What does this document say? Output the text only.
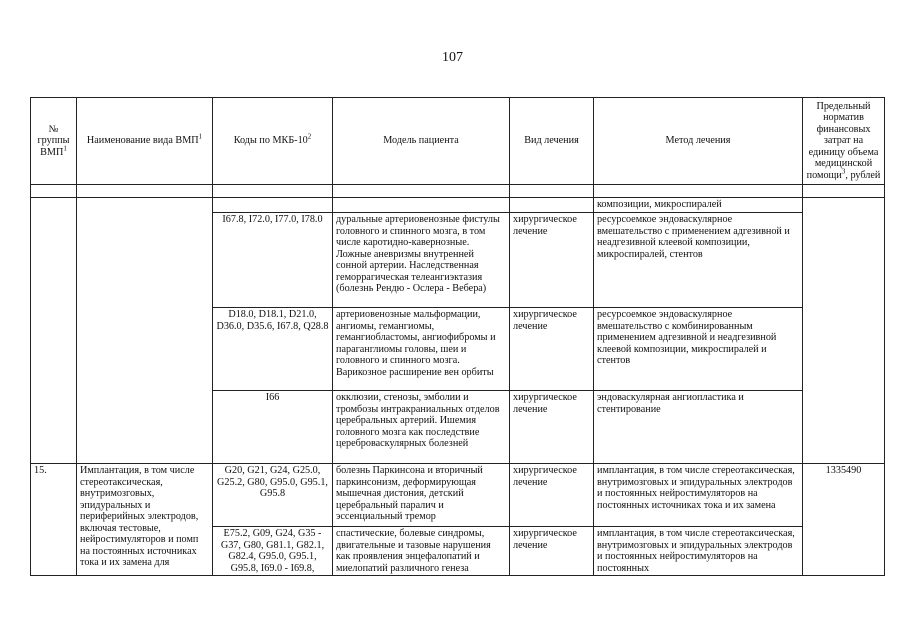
107
№ группы ВМП$^1$	Наименование вида ВМП$^1$	Коды по МКБ-$10^2$	Модель пациента	Вид лечения	Метод лечения	Предельный норматив финансовых затрат на единицу объема медицинской помощи$^3$, рублей

					композиции, микроспиралей	
		I67.8, I72.0, I77.0, I78.0	дуральные артериовенозные фистулы головного и спинного мозга, в том числе каротидно-кавернозные. Ложные аневризмы внутренней сонной артерии. Наследственная геморрагическая телеангиэктазия (болезнь Рендю - Ослера - Вебера)	хирургическое лечение	ресурсоемкое эндоваскулярное вмешательство с применением адгезивной и неадгезивной клеевой композиции, микроспиралей, стентов	
		D18.0, D18.1, D21.0, D36.0, D35.6, I67.8, Q28.8	артериовенозные мальформации, ангиомы, гемангиомы, гемангиобластомы, ангиофибромы и параганглиомы головы, шеи и головного и спинного мозга. Варикозное расширение вен орбиты	хирургическое лечение	ресурсоемкое эндоваскулярное вмешательство с комбинированным применением адгезивной и неадгезивной клеевой композиции, микроспиралей и стентов	
		I66	окклюзии, стенозы, эмболии и тромбозы интракраниальных отделов церебральных артерий. Ишемия головного мозга как последствие цереброваскулярных болезней	хирургическое лечение	эндоваскулярная ангиопластика и стентирование	
15.	Имплантация, в том числе стереотаксическая, внутримозговых, эпидуральных и периферийных электродов, включая тестовые, нейростимуляторов и помп на постоянных источниках тока и их замена для	G20, G21, G24, G25.0, G25.2, G80, G95.0, G95.1, G95.8	болезнь Паркинсона и вторичный паркинсонизм, деформирующая мышечная дистония, детский церебральный паралич и эссенциальный тремор	хирургическое лечение	имплантация, в том числе стереотаксическая, внутримозговых и эпидуральных электродов и постоянных нейростимуляторов на постоянных источниках тока и их замена	1335490
		E75.2, G09, G24, G35 - G37, G80, G81.1, G82.1, G82.4, G95.0, G95.1, G95.8, I69.0 - I69.8,	спастические, болевые синдромы, двигательные и тазовые нарушения как проявления энцефалопатий и миелопатий различного генеза	хирургическое лечение	имплантация, в том числе стереотаксическая, внутримозговых и эпидуральных электродов и постоянных нейростимуляторов на постоянных	
